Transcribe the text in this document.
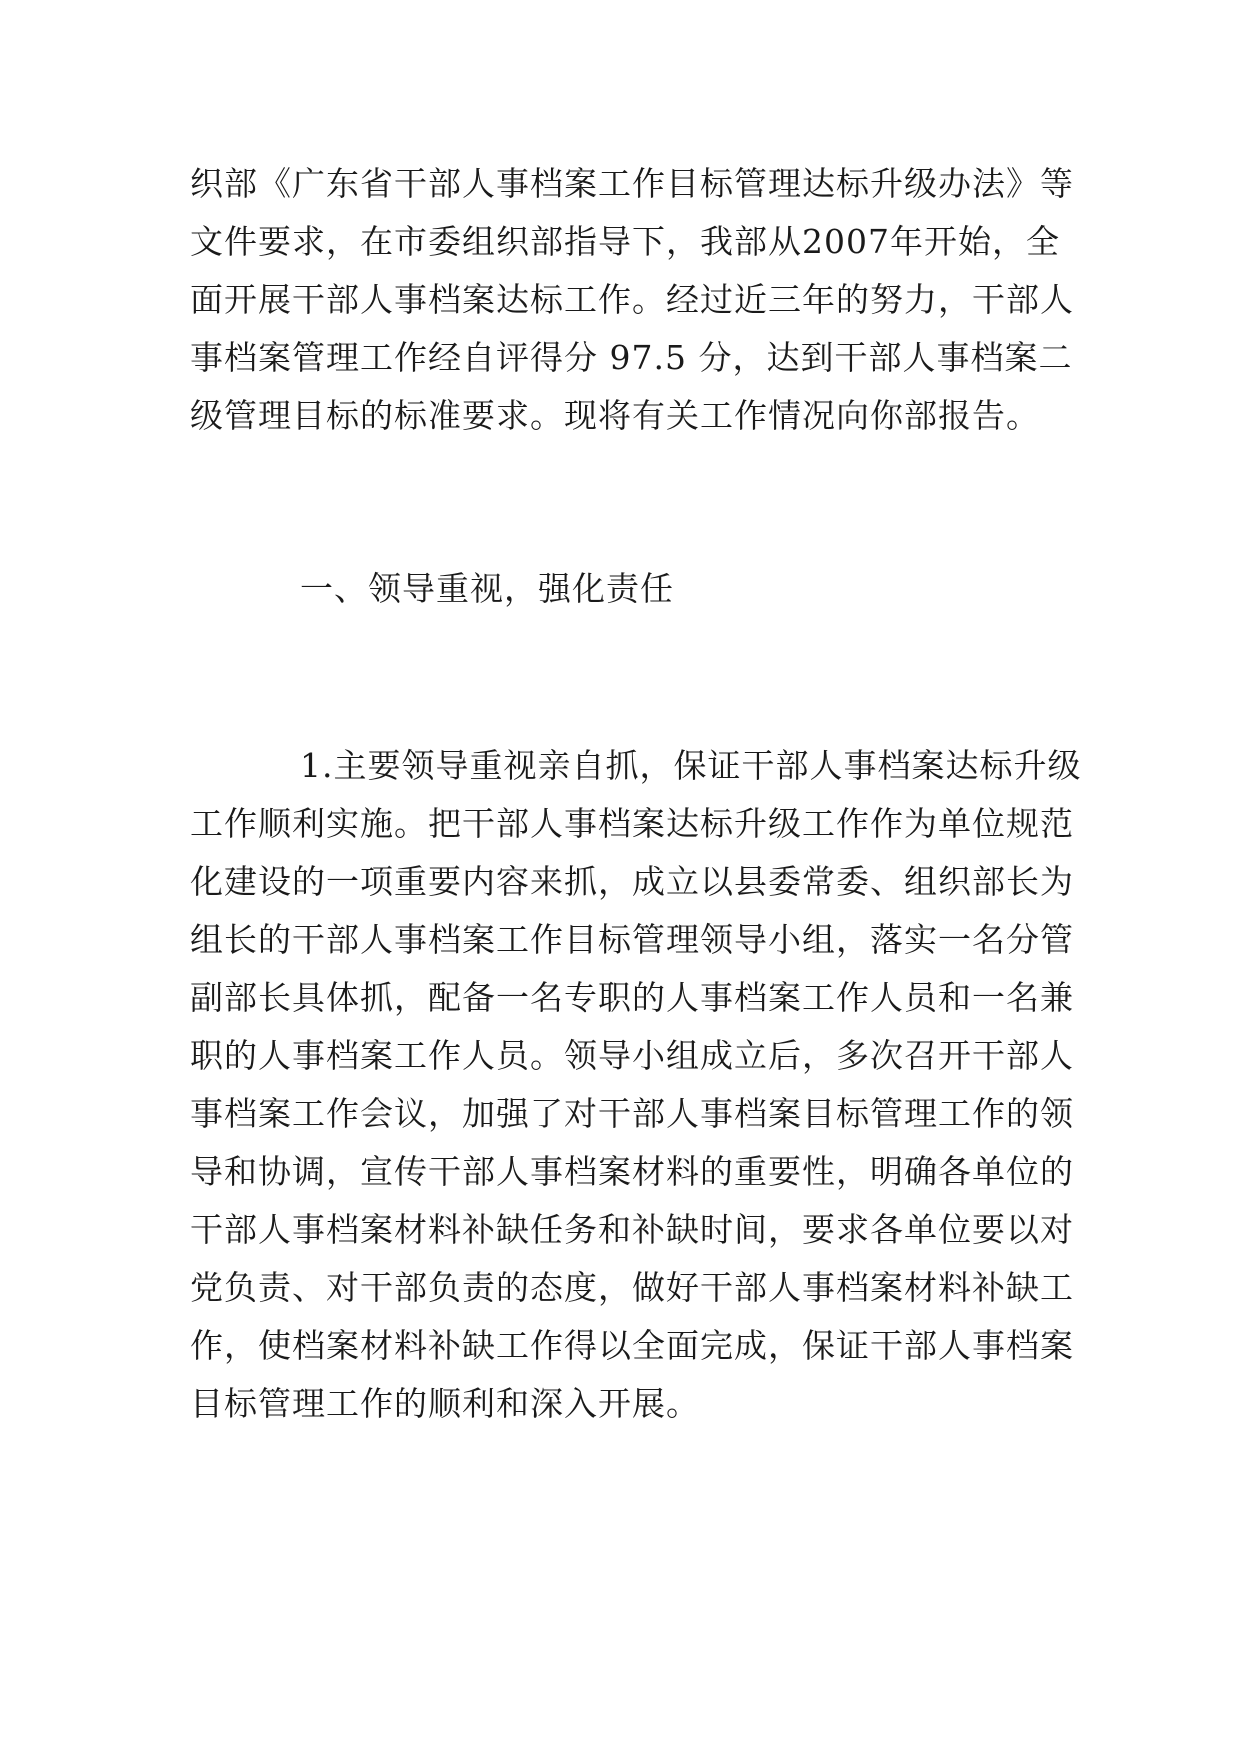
织部《广东省干部人事档案工作目标管理达标升级办法》等
文件要求，在市委组织部指导下，我部从2007年开始，全
面开展干部人事档案达标工作。经过近三年的努力，干部人
事档案管理工作经自评得分 97.5 分，达到干部人事档案二
级管理目标的标准要求。现将有关工作情况向你部报告。
一、领导重视，强化责任
1.主要领导重视亲自抓，保证干部人事档案达标升级
工作顺利实施。把干部人事档案达标升级工作作为单位规范
化建设的一项重要内容来抓，成立以县委常委、组织部长为
组长的干部人事档案工作目标管理领导小组，落实一名分管
副部长具体抓，配备一名专职的人事档案工作人员和一名兼
职的人事档案工作人员。领导小组成立后，多次召开干部人
事档案工作会议，加强了对干部人事档案目标管理工作的领
导和协调，宣传干部人事档案材料的重要性，明确各单位的
干部人事档案材料补缺任务和补缺时间，要求各单位要以对
党负责、对干部负责的态度，做好干部人事档案材料补缺工
作，使档案材料补缺工作得以全面完成，保证干部人事档案
目标管理工作的顺利和深入开展。
